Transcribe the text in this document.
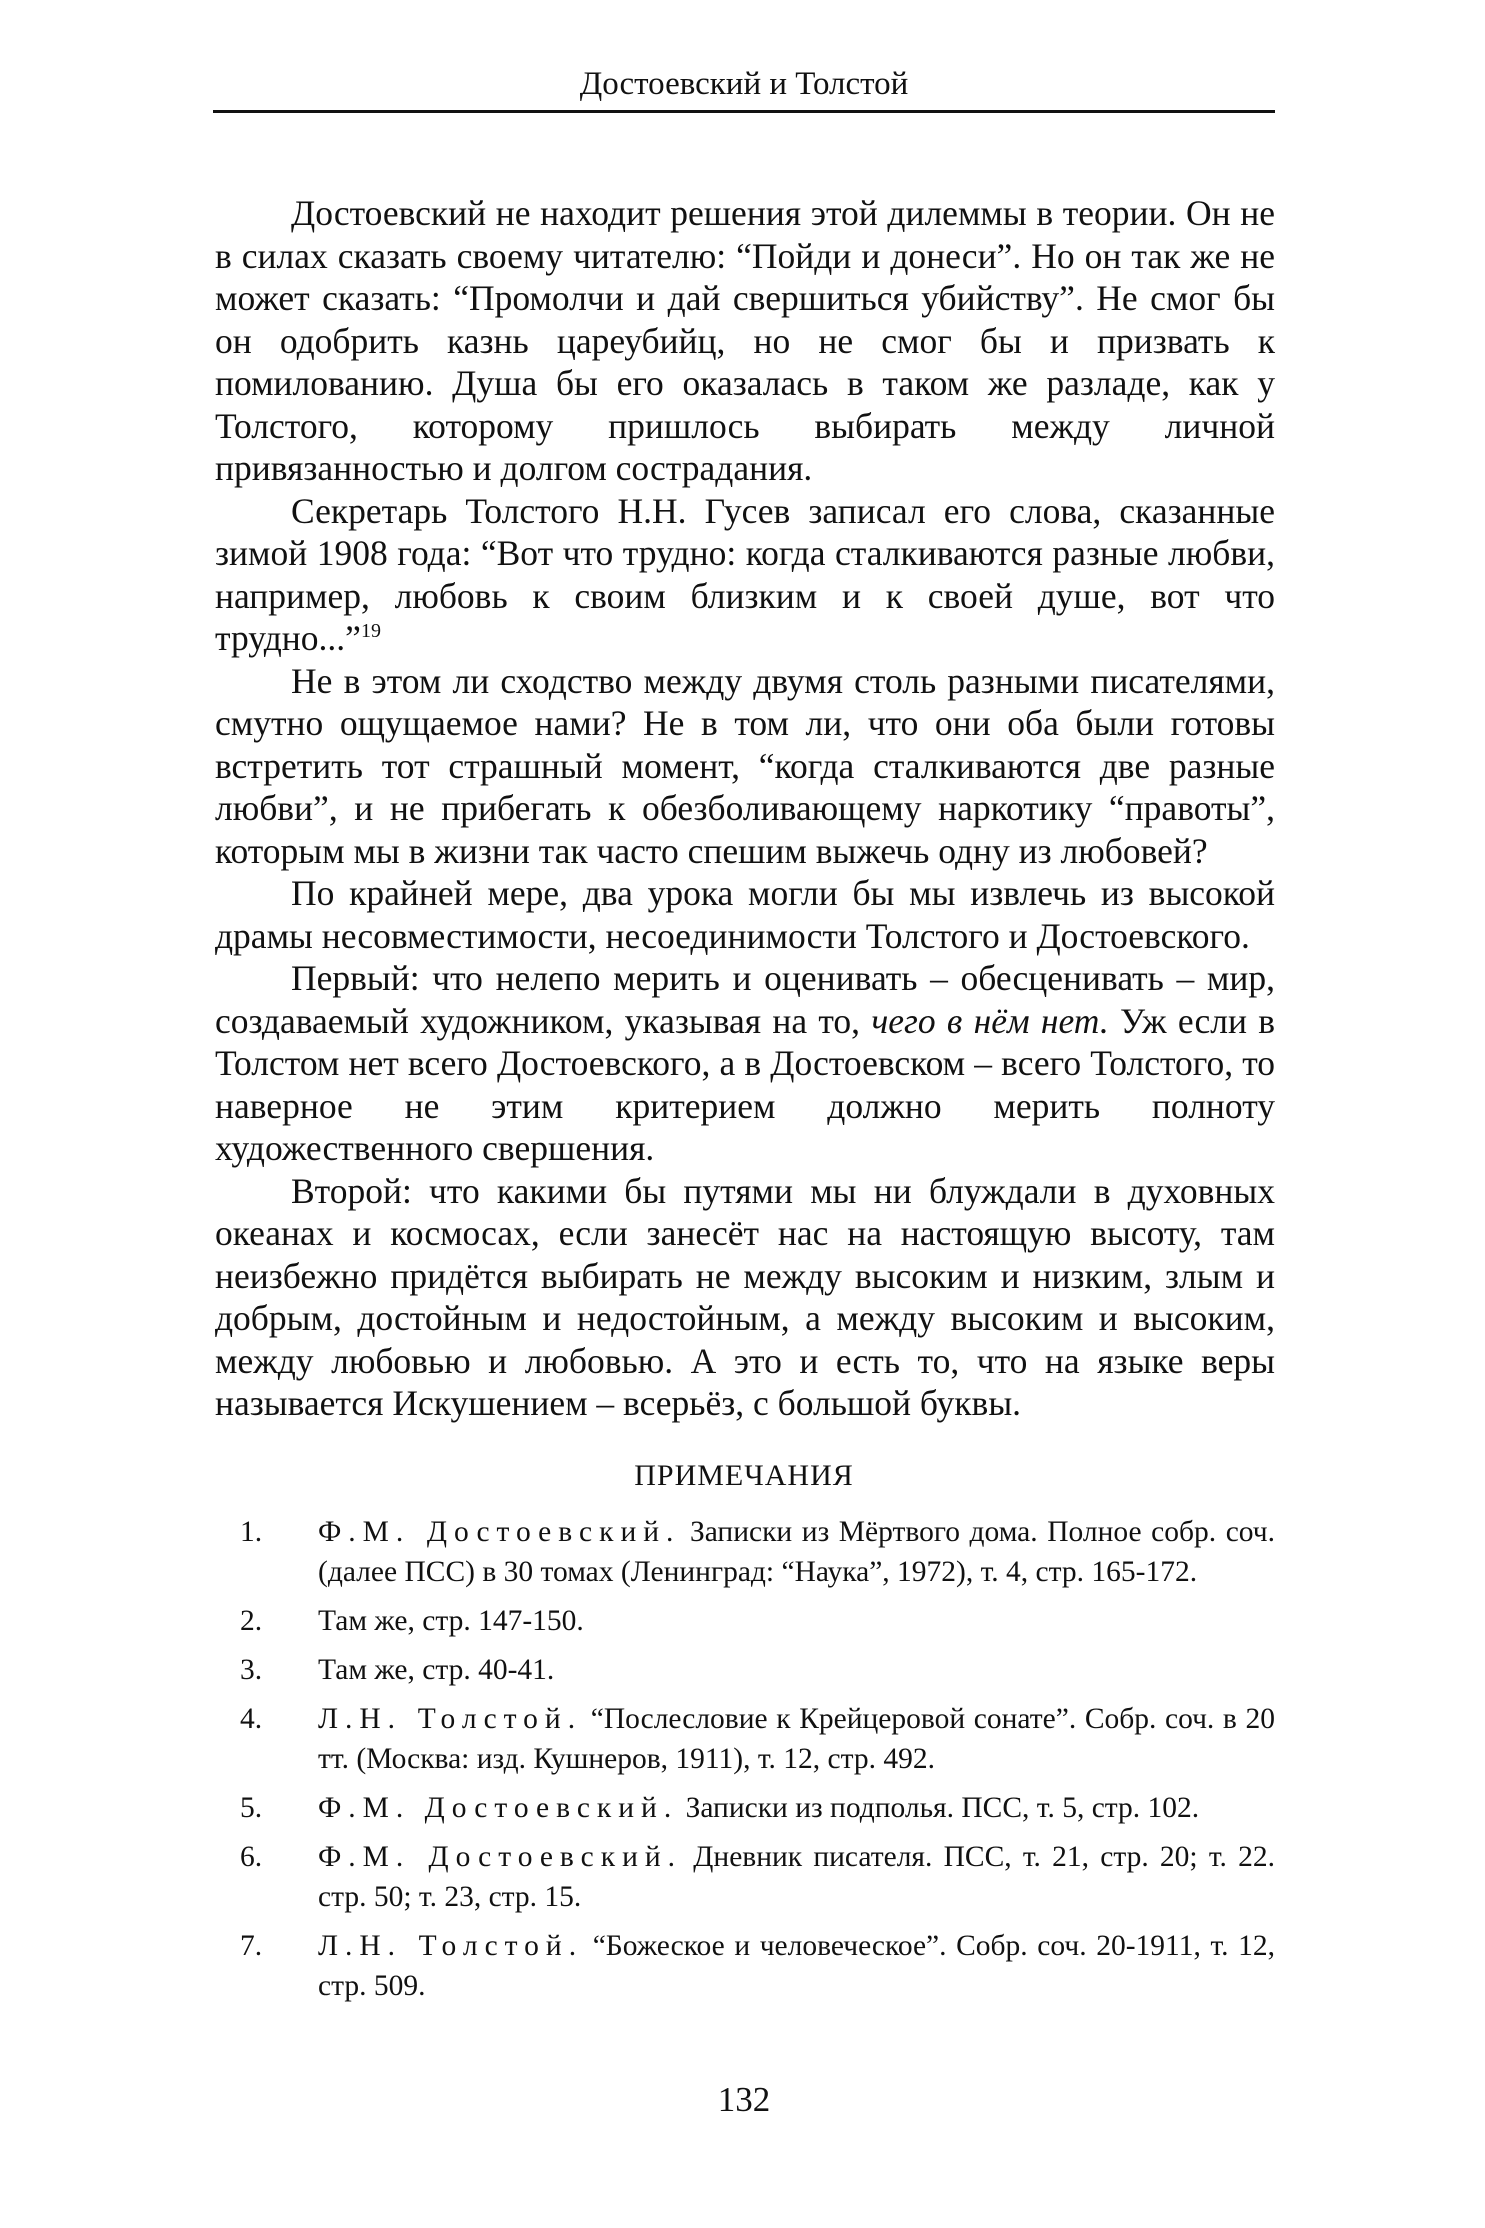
Достоевский и Толстой

Достоевский не находит решения этой дилеммы в теории. Он не в силах сказать своему читателю: “Пойди и донеси”. Но он так же не может сказать: “Промолчи и дай свершиться убийству”. Не смог бы он одобрить казнь цареубийц, но не смог бы и призвать к помилованию. Душа бы его оказалась в таком же разладе, как у Толстого, которому пришлось выбирать между личной привязанностью и долгом сострадания.

Секретарь Толстого Н.Н. Гусев записал его слова, сказанные зимой 1908 года: “Вот что трудно: когда сталкиваются разные любви, например, любовь к своим близким и к своей душе, вот что трудно...”$^{19}$

Не в этом ли сходство между двумя столь разными писателями, смутно ощущаемое нами? Не в том ли, что они оба были готовы встретить тот страшный момент, “когда сталкиваются две разные любви”, и не прибегать к обезболивающему наркотику “правоты”, которым мы в жизни так часто спешим выжечь одну из любовей?

По крайней мере, два урока могли бы мы извлечь из высокой драмы несовместимости, несоединимости Толстого и Достоевского.

Первый: что нелепо мерить и оценивать – обесценивать – мир, создаваемый художником, указывая на то, чего в нём нет. Уж если в Толстом нет всего Достоевского, а в Достоевском – всего Толстого, то наверное не этим критерием должно мерить полноту художественного свершения.

Второй: что какими бы путями мы ни блуждали в духовных океанах и космосах, если занесёт нас на настоящую высоту, там неизбежно придётся выбирать не между высоким и низким, злым и добрым, достойным и недостойным, а между высоким и высоким, между любовью и любовью. А это и есть то, что на языке веры называется Искушением – всерьёз, с большой буквы.

ПРИМЕЧАНИЯ
1.	Ф.М. Достоевский. Записки из Мёртвого дома. Полное собр. соч. (далее ПСС) в 30 томах (Ленинград: “Наука”, 1972), т. 4, стр. 165-172.
2.	Там же, стр. 147-150.
3.	Там же, стр. 40-41.
4.	Л.Н. Толстой. “Послесловие к Крейцеровой сонате”. Собр. соч. в 20 тт. (Москва: изд. Кушнеров, 1911), т. 12, стр. 492.
5.	Ф.М. Достоевский. Записки из подполья. ПСС, т. 5, стр. 102.
6.	Ф.М. Достоевский. Дневник писателя. ПСС, т. 21, стр. 20; т. 22. стр. 50; т. 23, стр. 15.
7.	Л.Н. Толстой. “Божеское и человеческое”. Собр. соч. 20-1911, т. 12, стр. 509.
132
